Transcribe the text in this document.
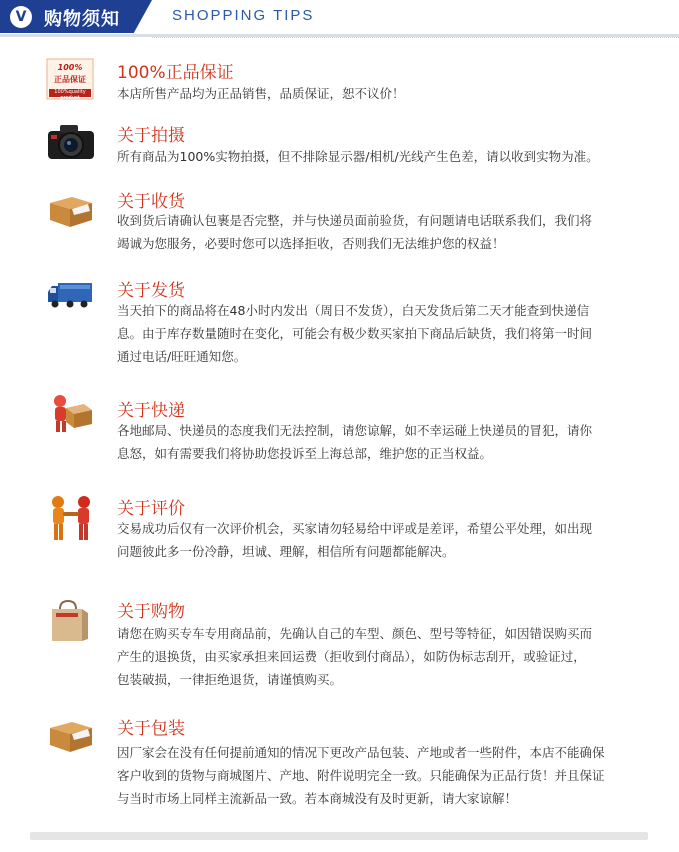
V 购物须知	SHOPPING TIPS
100%
正品保证
100%quality product
100%正品保证
本店所售产品均为正品销售，品质保证，恕不议价！
关于拍摄
所有商品为100%实物拍摄，但不排除显示器/相机/光线产生色差，请以收到实物为准。
关于收货
收到货后请确认包裹是否完整，并与快递员面前验货，有问题请电话联系我们，我们将
竭诚为您服务，必要时您可以选择拒收，否则我们无法维护您的权益！
关于发货
当天拍下的商品将在48小时内发出（周日不发货），白天发货后第二天才能查到快递信
息。由于库存数量随时在变化，可能会有极少数买家拍下商品后缺货，我们将第一时间
通过电话/旺旺通知您。
关于快递
各地邮局、快递员的态度我们无法控制，请您谅解，如不幸运碰上快递员的冒犯，请你
息怒，如有需要我们将协助您投诉至上海总部，维护您的正当权益。
关于评价
交易成功后仅有一次评价机会，买家请勿轻易给中评或是差评，希望公平处理，如出现
问题彼此多一份冷静，坦诚、理解，相信所有问题都能解决。
关于购物
请您在购买专车专用商品前，先确认自己的车型、颜色、型号等特征，如因错误购买而
产生的退换货，由买家承担来回运费（拒收到付商品），如防伪标志刮开，或验证过，
包装破损，一律拒绝退货，请谨慎购买。
关于包装
因厂家会在没有任何提前通知的情况下更改产品包装、产地或者一些附件，本店不能确保
客户收到的货物与商城图片、产地、附件说明完全一致。只能确保为正品行货！并且保证
与当时市场上同样主流新品一致。若本商城没有及时更新，请大家谅解！
